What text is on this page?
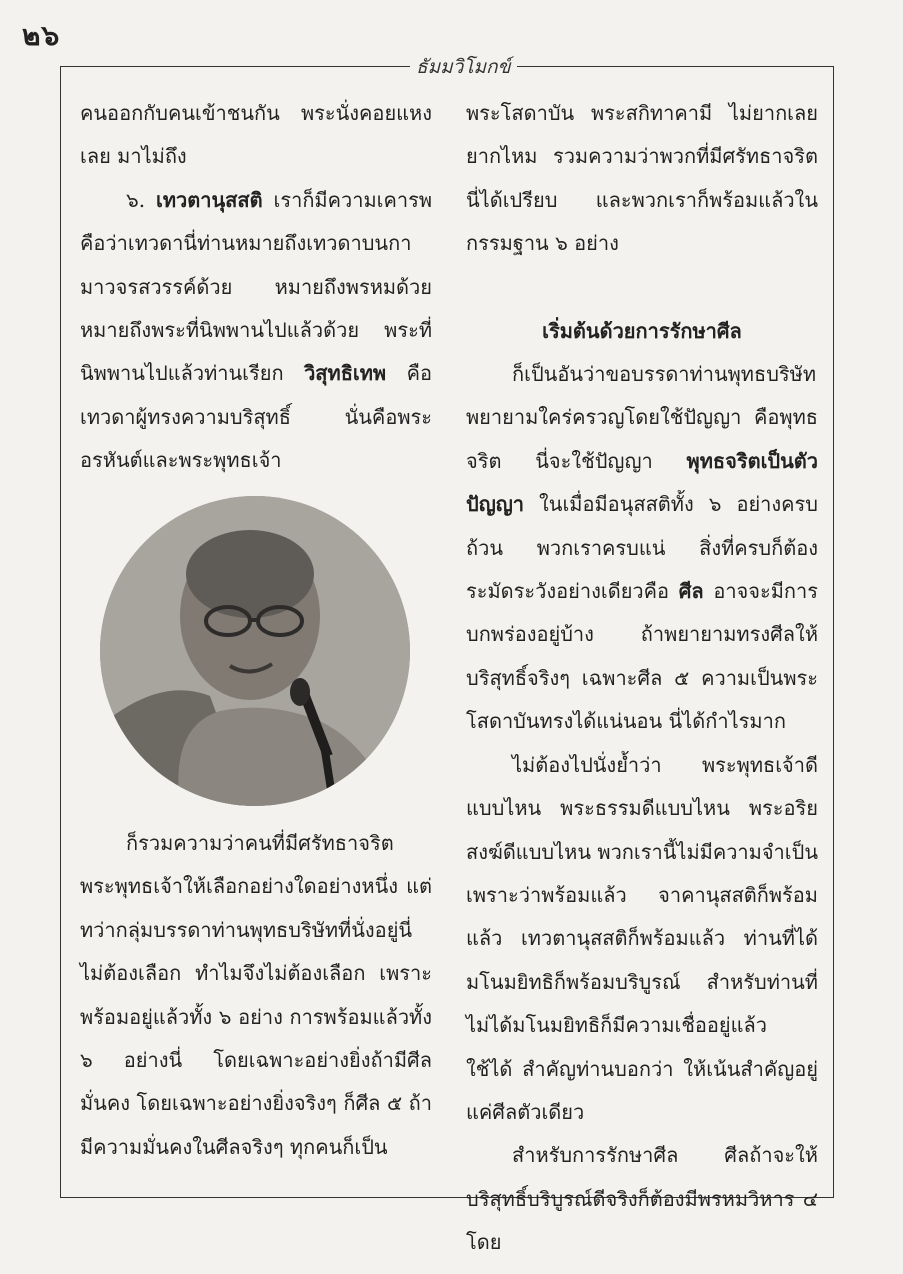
๒๖
ธัมมวิโมกข์

คนออกกับคนเข้าชนกัน พระนั่งคอยแหงเลย มาไม่ถึง

๖. เทวตานุสสติ เราก็มีความเคารพ คือว่าเทวดานี่ท่านหมายถึงเทวดาบนกามาวจรสวรรค์ด้วย หมายถึงพรหมด้วย หมายถึงพระที่นิพพานไปแล้วด้วย พระที่นิพพานไปแล้วท่านเรียก วิสุทธิเทพ คือเทวดาผู้ทรงความบริสุทธิ์ นั่นคือพระอรหันต์และพระพุทธเจ้า

ก็รวมความว่าคนที่มีศรัทธาจริต พระพุทธเจ้าให้เลือกอย่างใดอย่างหนึ่ง แต่ทว่ากลุ่มบรรดาท่านพุทธบริษัทที่นั่งอยู่นี่ไม่ต้องเลือก ทำไมจึงไม่ต้องเลือก เพราะพร้อมอยู่แล้วทั้ง ๖ อย่าง การพร้อมแล้วทั้ง ๖ อย่างนี่ โดยเฉพาะอย่างยิ่งถ้ามีศีลมั่นคง โดยเฉพาะอย่างยิ่งจริงๆ ก็ศีล ๕ ถ้ามีความมั่นคงในศีลจริงๆ ทุกคนก็เป็น

พระโสดาบัน พระสกิทาคามี ไม่ยากเลย ยากไหม รวมความว่าพวกที่มีศรัทธาจริตนี่ได้เปรียบ และพวกเราก็พร้อมแล้วในกรรมฐาน ๖ อย่าง

เริ่มต้นด้วยการรักษาศีล

ก็เป็นอันว่าขอบรรดาท่านพุทธบริษัทพยายามใคร่ครวญโดยใช้ปัญญา คือพุทธจริต นี่จะใช้ปัญญา พุทธจริตเป็นตัวปัญญา ในเมื่อมีอนุสสติทั้ง ๖ อย่างครบถ้วน พวกเราครบแน่ สิ่งที่ครบก็ต้องระมัดระวังอย่างเดียวคือ ศีล อาจจะมีการบกพร่องอยู่บ้าง ถ้าพยายามทรงศีลให้บริสุทธิ์จริงๆ เฉพาะศีล ๕ ความเป็นพระโสดาบันทรงได้แน่นอน นี่ได้กำไรมาก

ไม่ต้องไปนั่งย้ำว่า พระพุทธเจ้าดีแบบไหน พระธรรมดีแบบไหน พระอริยสงฆ์ดีแบบไหน พวกเรานี้ไม่มีความจำเป็น เพราะว่าพร้อมแล้ว จาคานุสสติก็พร้อมแล้ว เทวตานุสสติก็พร้อมแล้ว ท่านที่ได้มโนมยิทธิก็พร้อมบริบูรณ์ สำหรับท่านที่ไม่ได้มโนมยิทธิก็มีความเชื่ออยู่แล้ว ใช้ได้ สำคัญท่านบอกว่า ให้เน้นสำคัญอยู่แค่ศีลตัวเดียว

สำหรับการรักษาศีล ศีลถ้าจะให้บริสุทธิ์บริบูรณ์ดีจริงก็ต้องมีพรหมวิหาร ๔ โดย
